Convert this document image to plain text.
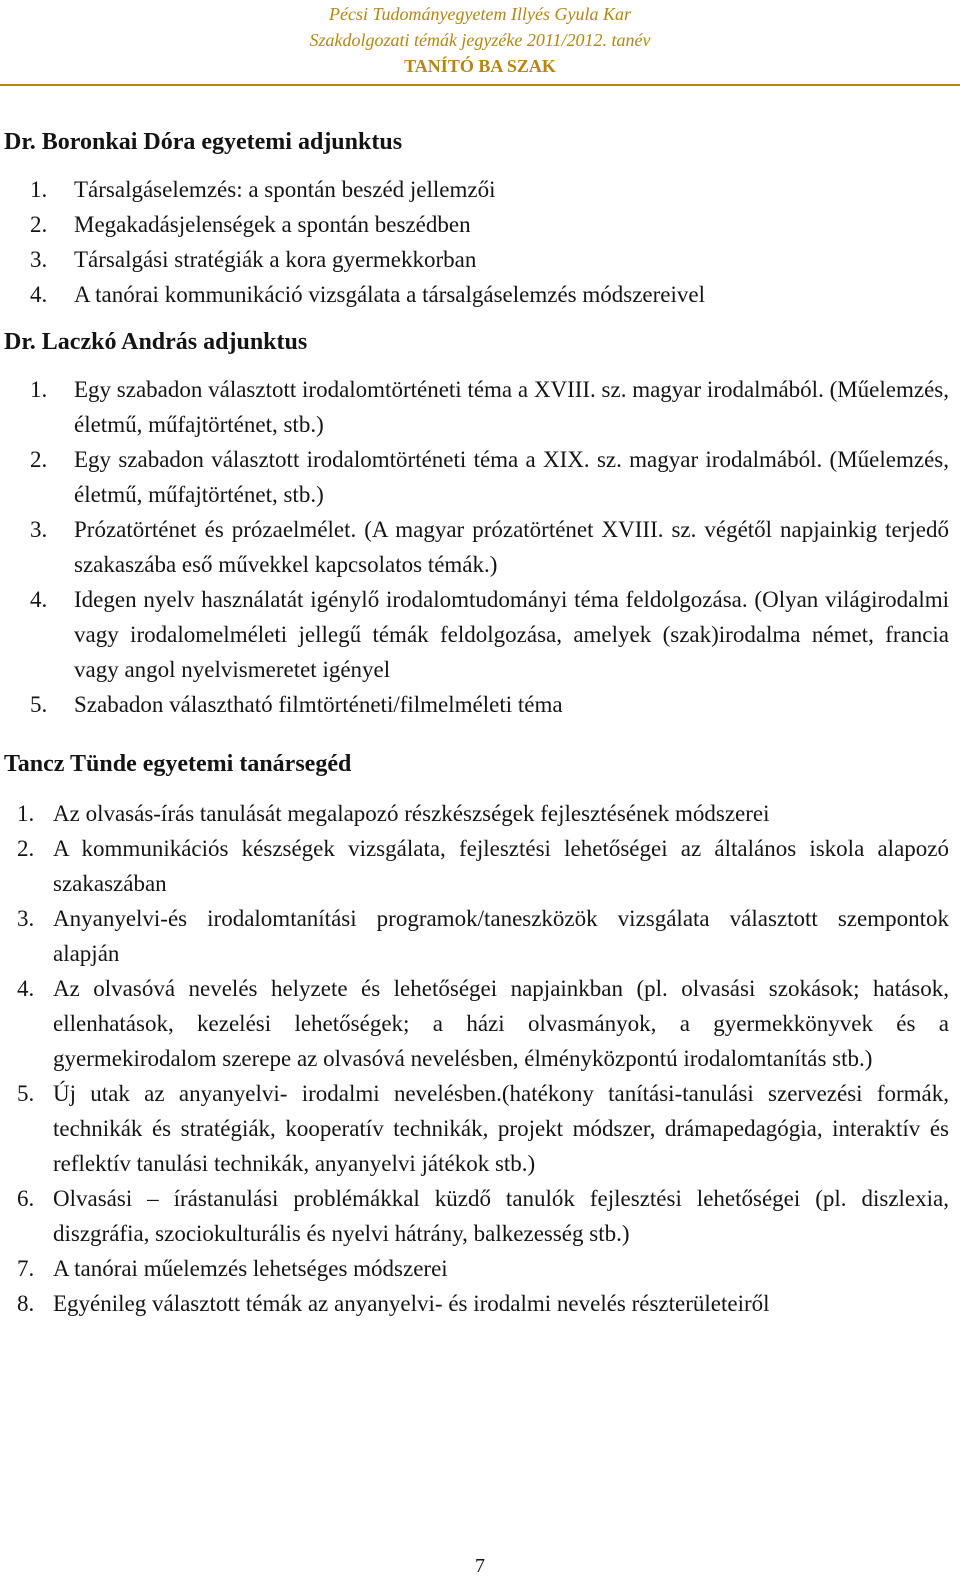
Pécsi Tudományegyetem Illyés Gyula Kar
Szakdolgozati témák jegyzéke 2011/2012. tanév
TANÍTÓ BA SZAK
Dr. Boronkai Dóra egyetemi adjunktus
1. Társalgáselemzés: a spontán beszéd jellemzői
2. Megakadásjelenségek a spontán beszédben
3. Társalgási stratégiák a kora gyermekkorban
4. A tanórai kommunikáció vizsgálata a társalgáselemzés módszereivel
Dr. Laczkó András adjunktus
1. Egy szabadon választott irodalomtörténeti téma a XVIII. sz. magyar irodalmából. (Műelemzés, életmű, műfajtörténet, stb.)
2. Egy szabadon választott irodalomtörténeti téma a XIX. sz. magyar irodalmából. (Műelemzés, életmű, műfajtörténet, stb.)
3. Prózatörténet és prózaelmélet. (A magyar prózatörténet XVIII. sz. végétől napjainkig terjedő szakaszába eső művekkel kapcsolatos témák.)
4. Idegen nyelv használatát igénylő irodalomtudományi téma feldolgozása. (Olyan világirodalmi vagy irodalomelméleti jellegű témák feldolgozása, amelyek (szak)irodalma német, francia vagy angol nyelvismeretet igényel
5. Szabadon választható filmtörténeti/filmelméleti téma
Tancz Tünde egyetemi tanársegéd
1. Az olvasás-írás tanulását megalapozó részkészségek fejlesztésének módszerei
2. A kommunikációs készségek vizsgálata, fejlesztési lehetőségei az általános iskola alapozó szakaszában
3. Anyanyelvi-és irodalomtanítási programok/taneszközök vizsgálata választott szempontok alapján
4. Az olvasóvá nevelés helyzete és lehetőségei napjainkban (pl. olvasási szokások; hatások, ellenhatások, kezelési lehetőségek; a házi olvasmányok, a gyermekkönyvek és a gyermekirodalom szerepe az olvasóvá nevelésben, élményközpontú irodalomtanítás stb.)
5. Új utak az anyanyelvi- irodalmi nevelésben.(hatékony tanítási-tanulási szervezési formák, technikák és stratégiák, kooperatív technikák, projekt módszer, drámapedagógia, interaktív és reflektív tanulási technikák, anyanyelvi játékok stb.)
6. Olvasási – írástanulási problémákkal küzdő tanulók fejlesztési lehetőségei (pl. diszlexia, diszgráfia, szociokulturális és nyelvi hátrány, balkezesség stb.)
7. A tanórai műelemzés lehetséges módszerei
8. Egyénileg választott témák az anyanyelvi- és irodalmi nevelés részterületeiről
7
